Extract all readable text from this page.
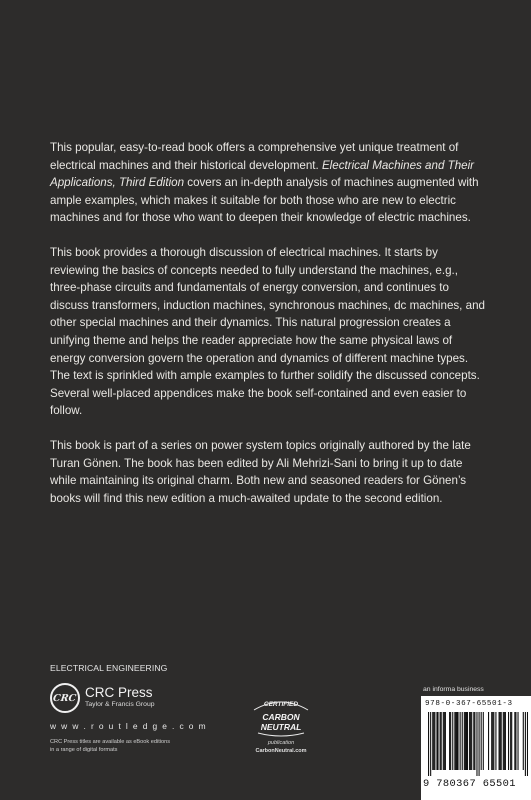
This popular, easy-to-read book offers a comprehensive yet unique treatment of electrical machines and their historical development. Electrical Machines and Their Applications, Third Edition covers an in-depth analysis of machines augmented with ample examples, which makes it suitable for both those who are new to electric machines and for those who want to deepen their knowledge of electric machines.

This book provides a thorough discussion of electrical machines. It starts by reviewing the basics of concepts needed to fully understand the machines, e.g., three-phase circuits and fundamentals of energy conversion, and continues to discuss transformers, induction machines, synchronous machines, dc machines, and other special machines and their dynamics. This natural progression creates a unifying theme and helps the reader appreciate how the same physical laws of energy conversion govern the operation and dynamics of different machine types. The text is sprinkled with ample examples to further solidify the discussed concepts. Several well-placed appendices make the book self-contained and even easier to follow.

This book is part of a series on power system topics originally authored by the late Turan Gönen. The book has been edited by Ali Mehrizi-Sani to bring it up to date while maintaining its original charm. Both new and seasoned readers for Gönen’s books will find this new edition a much-awaited update to the second edition.

ELECTRICAL ENGINEERING
CRC CRC Press
Taylor & Francis Group
w w w . r o u t l e d g e . c o m
CRC Press titles are available as eBook editions in a range of digital formats
CERTIFIED
CARBON
NEUTRAL
publication
CarbonNeutral.com
an informa business
978-0-367-65501-3
9 780367 65501
